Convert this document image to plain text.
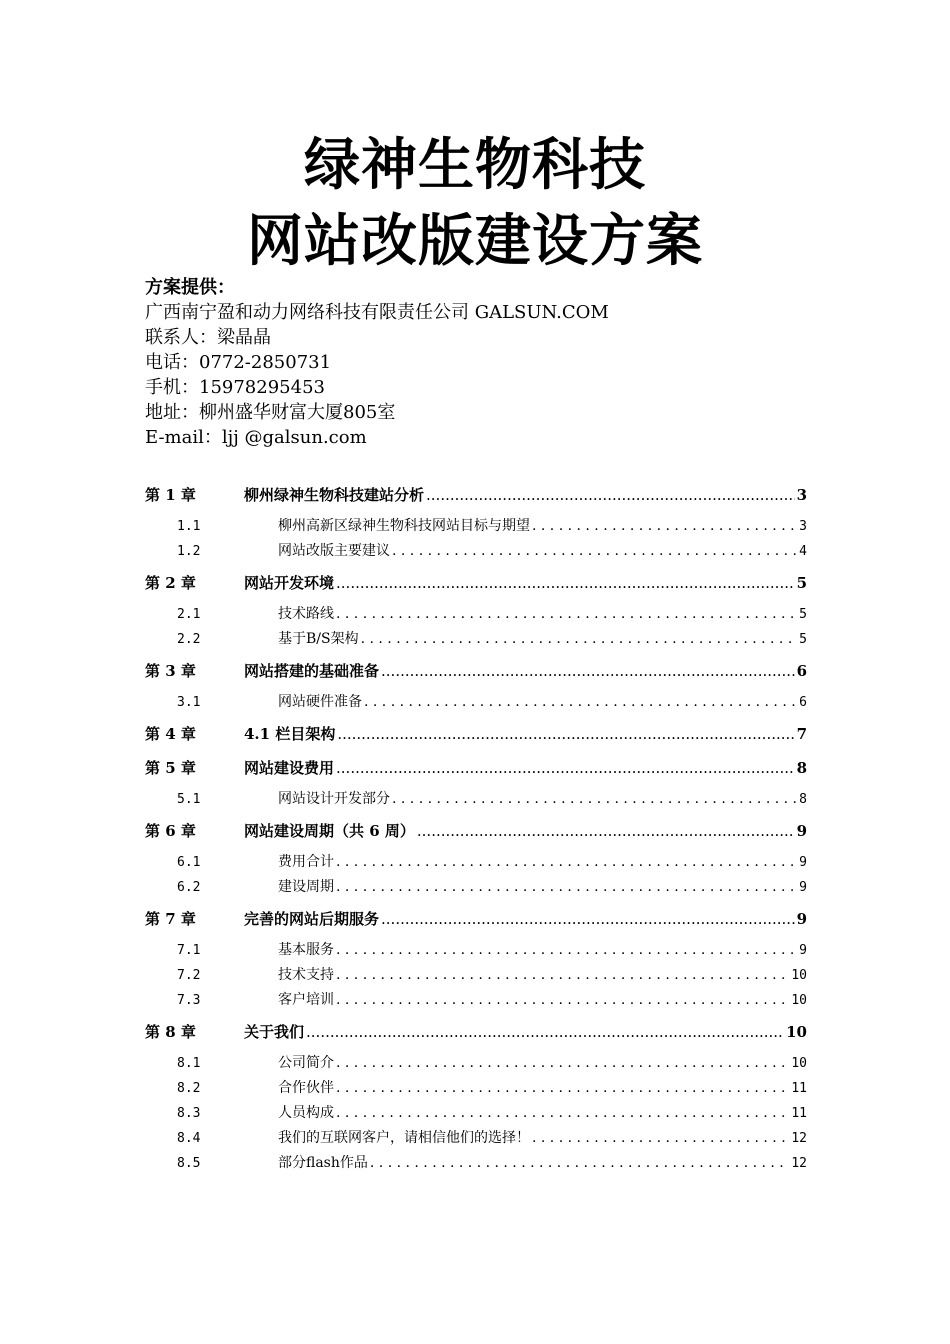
绿神生物科技
网站改版建设方案
方案提供：
广西南宁盈和动力网络科技有限责任公司 GALSUN.COM
联系人：梁晶晶
电话：0772-2850731
手机：15978295453
地址：柳州盛华财富大厦805室
E-mail：ljj @galsun.com
第 1 章	柳州绿神生物科技建站分析 .....	3
1.1	柳州高新区绿神生物科技网站目标与期望 . . .	3
1.2	网站改版主要建议 . . .	4
第 2 章	网站开发环境 .....	5
2.1	技术路线 . . .	5
2.2	基于B/S架构 . . .	5
第 3 章	网站搭建的基础准备 .....	6
3.1	网站硬件准备 . . .	6
第 4 章	4.1 栏目架构 .....	7
第 5 章	网站建设费用 .....	8
5.1	网站设计开发部分 . . .	8
第 6 章	网站建设周期（共 6 周） .....	9
6.1	费用合计 . . .	9
6.2	建设周期 . . .	9
第 7 章	完善的网站后期服务 .....	9
7.1	基本服务 . . .	9
7.2	技术支持 . . .	10
7.3	客户培训 . . .	10
第 8 章	关于我们 .....	10
8.1	公司简介 . . .	10
8.2	合作伙伴 . . .	11
8.3	人员构成 . . .	11
8.4	我们的互联网客户，请相信他们的选择！ . . .	12
8.5	部分flash作品 . . .	12
